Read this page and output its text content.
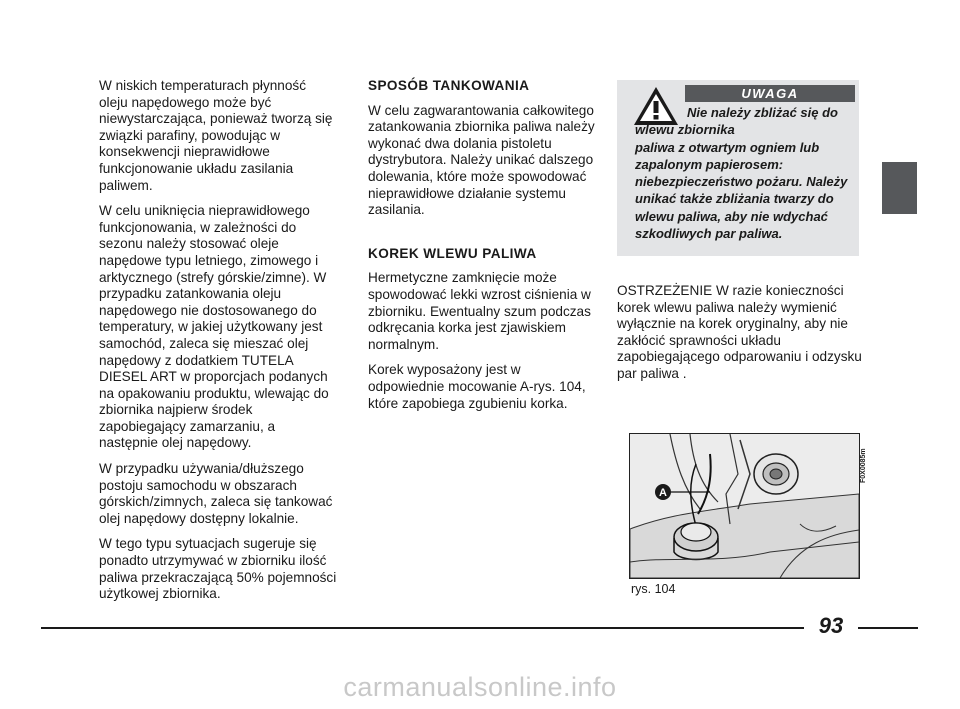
W niskich temperaturach płynność oleju napędowego może być niewystarczająca, ponieważ tworzą się związki parafiny, powodując w konsekwencji nieprawidłowe funkcjonowanie układu zasilania paliwem.

W celu uniknięcia nieprawidłowego funkcjonowania, w zależności do sezonu należy stosować oleje napędowe typu letniego, zimowego i arktycznego (strefy górskie/zimne). W przypadku zatankowania oleju napędowego nie dostosowanego do temperatury, w jakiej użytkowany jest samochód, zaleca się mieszać olej napędowy z dodatkiem TUTELA DIESEL ART w proporcjach podanych na opakowaniu produktu, wlewając do zbiornika najpierw środek zapobiegający zamarzaniu, a następnie olej napędowy.

W przypadku używania/dłuższego postoju samochodu w obszarach górskich/zimnych, zaleca się tankować olej napędowy dostępny lokalnie.

W tego typu sytuacjach sugeruje się ponadto utrzymywać w zbiorniku ilość paliwa przekraczającą 50% pojemności użytkowej zbiornika.

SPOSÓB TANKOWANIA

W celu zagwarantowania całkowitego zatankowania zbiornika paliwa należy wykonać dwa dolania pistoletu dystrybutora. Należy unikać dalszego dolewania, które może spowodować nieprawidłowe działanie systemu zasilania.

KOREK WLEWU PALIWA

Hermetyczne zamknięcie może spowodować lekki wzrost ciśnienia w zbiorniku. Ewentualny szum podczas odkręcania korka jest zjawiskiem normalnym.

Korek wyposażony jest w odpowiednie mocowanie A-rys. 104, które zapobiega zgubieniu korka.

UWAGA
Nie należy zbliżać się do wlewu zbiornika
paliwa z otwartym ogniem lub zapalonym papierosem: niebezpieczeństwo pożaru. Należy unikać także zbliżania twarzy do wlewu paliwa, aby nie wdychać szkodliwych par paliwa.

OSTRZEŻENIE W razie konieczności korek wlewu paliwa należy wymienić wyłącznie na korek oryginalny, aby nie zakłócić sprawności układu zapobiegającego odparowaniu i odzysku par paliwa .

A
F0X0085m

rys. 104

93

carmanualsonline.info
